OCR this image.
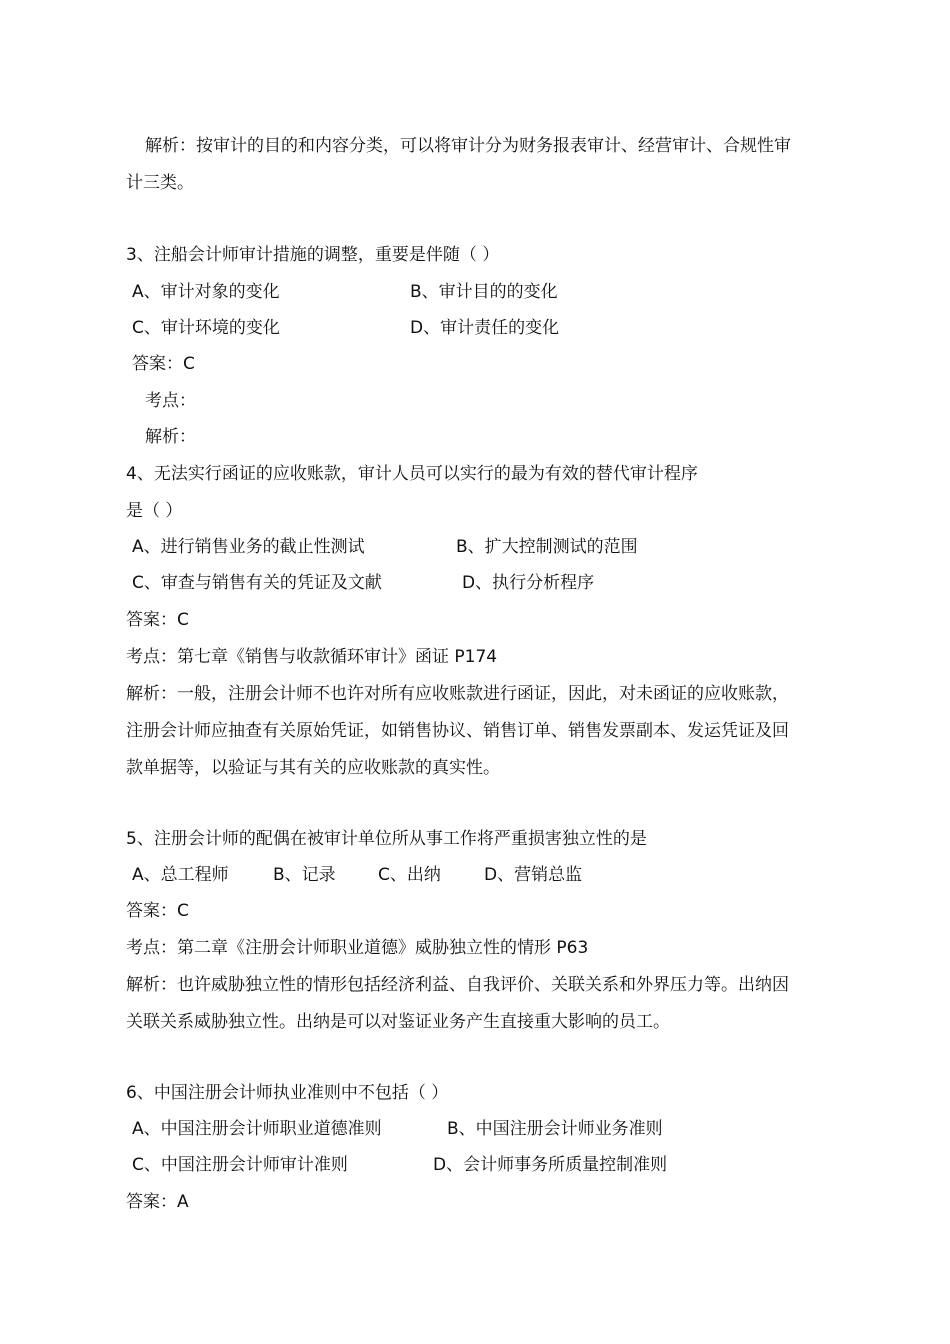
解析：按审计的目的和内容分类，可以将审计分为财务报表审计、经营审计、合规性审

计三类。

3、注船会计师审计措施的调整，重要是伴随（ ）

A、审计对象的变化	B、审计目的的变化

C、审计环境的变化	D、审计责任的变化

答案：C

考点：

解析：

4、无法实行函证的应收账款，审计人员可以实行的最为有效的替代审计程序

是（ ）

A、进行销售业务的截止性测试	B、扩大控制测试的范围

C、审查与销售有关的凭证及文献	D、执行分析程序

答案：C

考点：第七章《销售与收款循环审计》函证 P174

解析：一般，注册会计师不也许对所有应收账款进行函证，因此，对未函证的应收账款，

注册会计师应抽查有关原始凭证，如销售协议、销售订单、销售发票副本、发运凭证及回

款单据等，以验证与其有关的应收账款的真实性。

5、注册会计师的配偶在被审计单位所从事工作将严重损害独立性的是

A、总工程师	B、记录 C、出纳	D、营销总监

答案：C

考点：第二章《注册会计师职业道德》威胁独立性的情形 P63

解析：也许威胁独立性的情形包括经济利益、自我评价、关联关系和外界压力等。出纳因

关联关系威胁独立性。出纳是可以对鉴证业务产生直接重大影响的员工。

6、中国注册会计师执业准则中不包括（ ）

A、中国注册会计师职业道德准则	B、中国注册会计师业务准则

C、中国注册会计师审计准则	D、会计师事务所质量控制准则

答案：A
